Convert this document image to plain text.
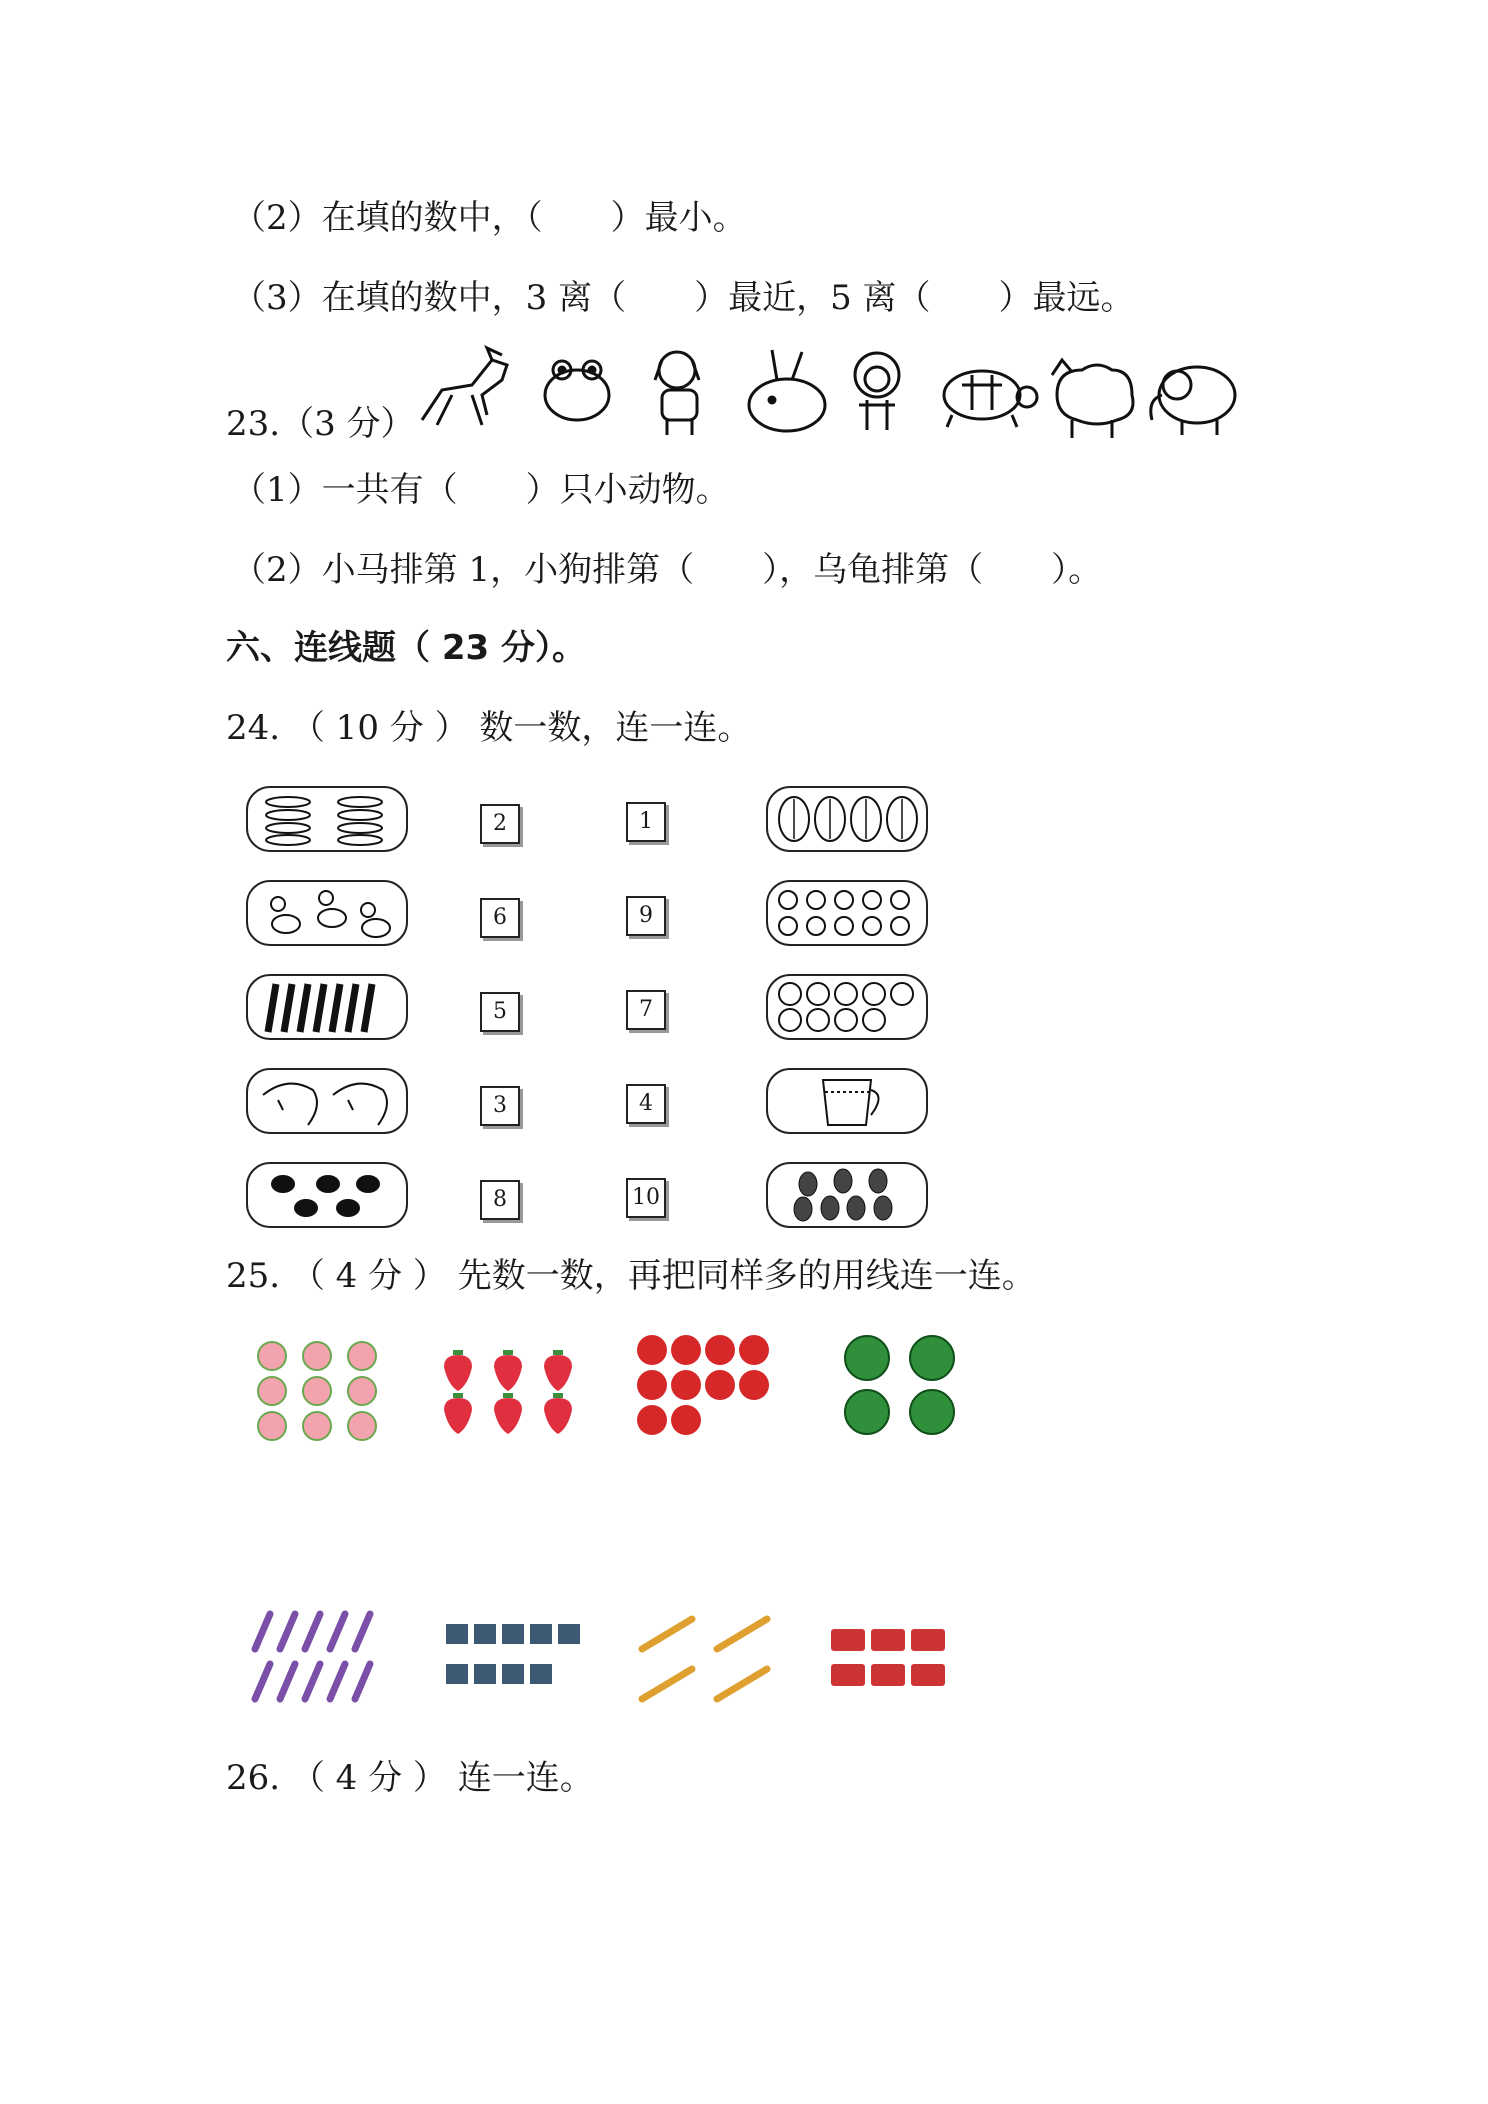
（2）在填的数中，（　　）最小。
（3）在填的数中，3 离（　　）最近，5 离（　　）最远。
23.（3 分）
（1）一共有（　　）只小动物。
（2）小马排第 1，小狗排第（　　），乌龟排第（　　）。
六、连线题（ 23 分）。
24. （ 10 分 ） 数一数，连一连。
2
6
5
3
8
1
9
7
4
10
25. （ 4 分 ） 先数一数，再把同样多的用线连一连。
26. （ 4 分 ） 连一连。
